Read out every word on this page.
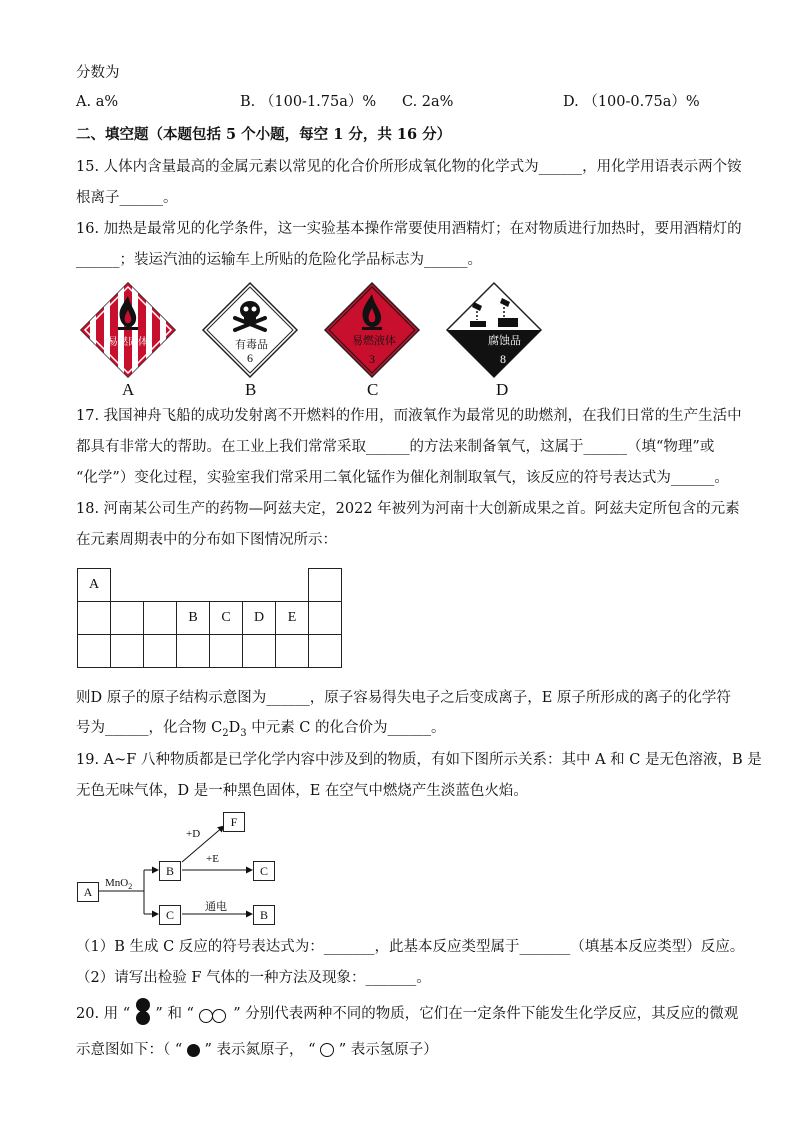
分数为
A. a%	B. （100-1.75a）% C. 2a%	D. （100-0.75a）%
二、填空题（本题包括 5 个小题，每空 1 分，共 16 分）
15. 人体内含量最高的金属元素以常见的化合价所形成氧化物的化学式为______，用化学用语表示两个铵
根离子______。
16. 加热是最常见的化学条件，这一实验基本操作常要使用酒精灯；在对物质进行加热时，要用酒精灯的
______；装运汽油的运输车上所贴的危险化学品标志为______。
易燃固体	有毒品
6
易燃液体
3
腐蚀品
8
A	B	C	D
17. 我国神舟飞船的成功发射离不开燃料的作用，而液氧作为最常见的助燃剂，在我们日常的生产生活中
都具有非常大的帮助。在工业上我们常常采取______的方法来制备氧气，这属于______（填“物理”或
“化学”）变化过程，实验室我们常采用二氧化锰作为催化剂制取氧气，该反应的符号表达式为______。
18. 河南某公司生产的药物—阿兹夫定，2022 年被列为河南十大创新成果之首。阿兹夫定所包含的元素
在元素周期表中的分布如下图情况所示：
A							
			B	C	D	E	

则D 原子的原子结构示意图为______，原子容易得失电子之后变成离子，E 原子所形成的离子的化学符
号为______，化合物 $C_2D_3$ 中元素 C 的化合价为______。
19. A~F 八种物质都是已学化学内容中涉及到的物质，有如下图所示关系：其中 A 和 C 是无色溶液，B 是
无色无味气体，D 是一种黑色固体，E 在空气中燃烧产生淡蓝色火焰。
A
B
C
F
C
B
MnO$_2$
+D
+E
通电
（1）B 生成 C 反应的符号表达式为：_______，此基本反应类型属于_______（填基本反应类型）反应。
（2）请写出检验 F 气体的一种方法及现象：_______。
20. 用 “ ” 和 “	” 分别代表两种不同的物质，它们在一定条件下能发生化学反应，其反应的微观
示意图如下：（ “ ” 表示氮原子， “ ” 表示氢原子）
